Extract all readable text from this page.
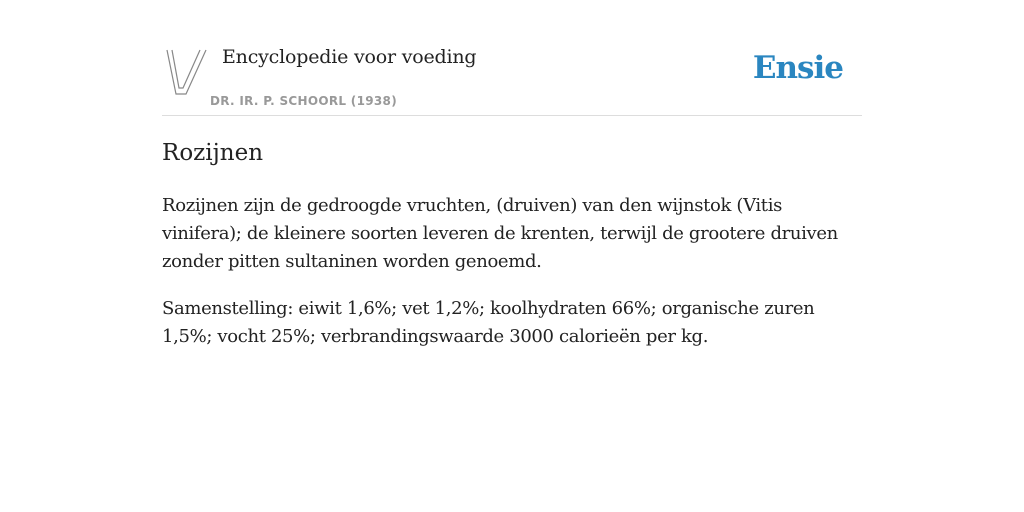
Encyclopedie voor voeding
DR. IR. P. SCHOORL (1938)
Ensie
Rozijnen

Rozijnen zijn de gedroogde vruchten, (druiven) van den wijnstok (Vitis vinifera); de kleinere soorten leveren de krenten, terwijl de grootere druiven zonder pitten sultaninen worden genoemd.

Samenstelling: eiwit 1,6%; vet 1,2%; koolhydraten 66%; organische zuren 1,5%; vocht 25%; verbrandingswaarde 3000 calorieën per kg.
